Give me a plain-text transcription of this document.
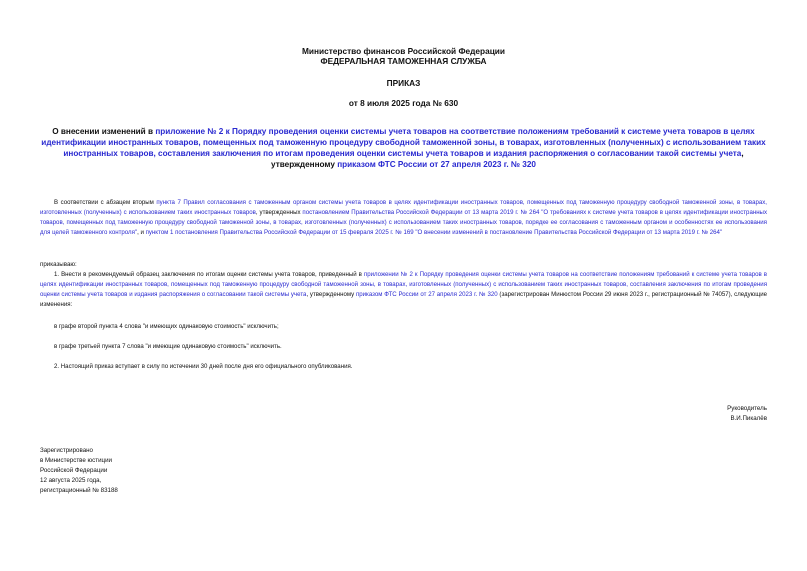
Министерство финансов Российской Федерации
ФЕДЕРАЛЬНАЯ ТАМОЖЕННАЯ СЛУЖБА
ПРИКАЗ
от 8 июля 2025 года № 630
О внесении изменений в приложение № 2 к Порядку проведения оценки системы учета товаров на соответствие положениям требований к системе учета товаров в целях идентификации иностранных товаров, помещенных под таможенную процедуру свободной таможенной зоны, в товарах, изготовленных (полученных) с использованием таких иностранных товаров, составления заключения по итогам проведения оценки системы учета товаров и издания распоряжения о согласовании такой системы учета, утвержденному приказом ФТС России от 27 апреля 2023 г. № 320
В соответствии с абзацем вторым пункта 7 Правил согласования с таможенным органом системы учета товаров в целях идентификации иностранных товаров, помещенных под таможенную процедуру свободной таможенной зоны, в товарах, изготовленных (полученных) с использованием таких иностранных товаров, утвержденных постановлением Правительства Российской Федерации от 13 марта 2019 г. № 264 "О требованиях к системе учета товаров в целях идентификации иностранных товаров, помещенных под таможенную процедуру свободной таможенной зоны, в товарах, изготовленных (полученных) с использованием таких иностранных товаров, порядке ее согласования с таможенным органом и особенностях ее использования для целей таможенного контроля", и пунктом 1 постановления Правительства Российской Федерации от 15 февраля 2025 г. № 169 "О внесении изменений в постановление Правительства Российской Федерации от 13 марта 2019 г. № 264"
приказываю:
1. Внести в рекомендуемый образец заключения по итогам оценки системы учета товаров, приведенный в приложении № 2 к Порядку проведения оценки системы учета товаров на соответствие положениям требований к системе учета товаров в целях идентификации иностранных товаров, помещенных под таможенную процедуру свободной таможенной зоны, в товарах, изготовленных (полученных) с использованием таких иностранных товаров, составления заключения по итогам проведения оценки системы учета товаров и издания распоряжения о согласовании такой системы учета, утвержденному приказом ФТС России от 27 апреля 2023 г. № 320 (зарегистрирован Минюстом России 29 июня 2023 г., регистрационный № 74057), следующие изменения:
в графе второй пункта 4 слова "и имеющих одинаковую стоимость" исключить;
в графе третьей пункта 7 слова "и имеющие одинаковую стоимость" исключить.
2. Настоящий приказ вступает в силу по истечении 30 дней после дня его официального опубликования.
Руководитель
В.И.Пикалёв
Зарегистрировано
в Министерстве юстиции
Российской Федерации
12 августа 2025 года,
регистрационный № 83188
